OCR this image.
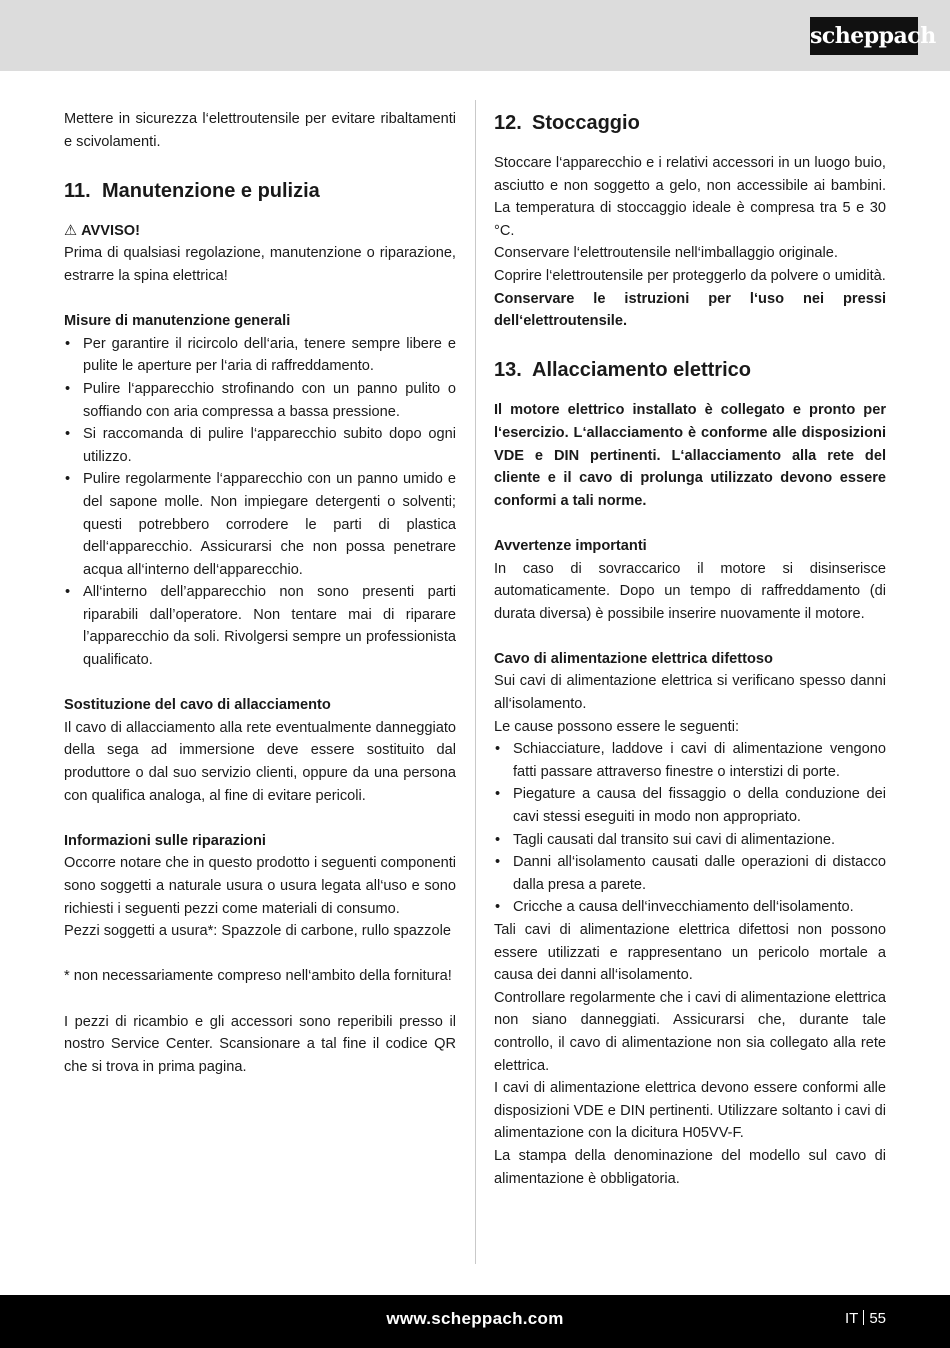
scheppach

Mettere in sicurezza l‘elettroutensile per evitare ribaltamenti e scivolamenti.

11. Manutenzione e pulizia
⚠ AVVISO!

Prima di qualsiasi regolazione, manutenzione o riparazione, estrarre la spina elettrica!

Misure di manutenzione generali
• Per garantire il ricircolo dell‘aria, tenere sempre libere e pulite le aperture per l‘aria di raffreddamento.
• Pulire l‘apparecchio strofinando con un panno pulito o soffiando con aria compressa a bassa pressione.
• Si raccomanda di pulire l‘apparecchio subito dopo ogni utilizzo.
• Pulire regolarmente l‘apparecchio con un panno umido e del sapone molle. Non impiegare detergenti o solventi; questi potrebbero corrodere le parti di plastica dell‘apparecchio. Assicurarsi che non possa penetrare acqua all‘interno dell‘apparecchio.
• All‘interno dell’apparecchio non sono presenti parti riparabili dall’operatore. Non tentare mai di riparare l’apparecchio da soli. Rivolgersi sempre un professionista qualificato.
Sostituzione del cavo di allacciamento

Il cavo di allacciamento alla rete eventualmente danneggiato della sega ad immersione deve essere sostituito dal produttore o dal suo servizio clienti, oppure da una persona con qualifica analoga, al fine di evitare pericoli.

Informazioni sulle riparazioni

Occorre notare che in questo prodotto i seguenti componenti sono soggetti a naturale usura o usura legata all‘uso e sono richiesti i seguenti pezzi come materiali di consumo.

Pezzi soggetti a usura*: Spazzole di carbone, rullo spazzole

* non necessariamente compreso nell‘ambito della fornitura!

I pezzi di ricambio e gli accessori sono reperibili presso il nostro Service Center. Scansionare a tal fine il codice QR che si trova in prima pagina.

12. Stoccaggio

Stoccare l‘apparecchio e i relativi accessori in un luogo buio, asciutto e non soggetto a gelo, non accessibile ai bambini. La temperatura di stoccaggio ideale è compresa tra 5 e 30 °C.

Conservare l‘elettroutensile nell‘imballaggio originale.

Coprire l‘elettroutensile per proteggerlo da polvere o umidità.

Conservare le istruzioni per l‘uso nei pressi dell‘elettroutensile.

13. Allacciamento elettrico

Il motore elettrico installato è collegato e pronto per l‘esercizio. L‘allacciamento è conforme alle disposizioni VDE e DIN pertinenti. L‘allacciamento alla rete del cliente e il cavo di prolunga utilizzato devono essere conformi a tali norme.

Avvertenze importanti

In caso di sovraccarico il motore si disinserisce automaticamente. Dopo un tempo di raffreddamento (di durata diversa) è possibile inserire nuovamente il motore.

Cavo di alimentazione elettrica difettoso

Sui cavi di alimentazione elettrica si verificano spesso danni all‘isolamento.

Le cause possono essere le seguenti:

• Schiacciature, laddove i cavi di alimentazione vengono fatti passare attraverso finestre o interstizi di porte.
• Piegature a causa del fissaggio o della conduzione dei cavi stessi eseguiti in modo non appropriato.
• Tagli causati dal transito sui cavi di alimentazione.
• Danni all‘isolamento causati dalle operazioni di distacco dalla presa a parete.
• Cricche a causa dell‘invecchiamento dell‘isolamento.

Tali cavi di alimentazione elettrica difettosi non possono essere utilizzati e rappresentano un pericolo mortale a causa dei danni all‘isolamento.

Controllare regolarmente che i cavi di alimentazione elettrica non siano danneggiati. Assicurarsi che, durante tale controllo, il cavo di alimentazione non sia collegato alla rete elettrica.

I cavi di alimentazione elettrica devono essere conformi alle disposizioni VDE e DIN pertinenti. Utilizzare soltanto i cavi di alimentazione con la dicitura H05VV-F.

La stampa della denominazione del modello sul cavo di alimentazione è obbligatoria.

www.scheppach.com	IT 55
